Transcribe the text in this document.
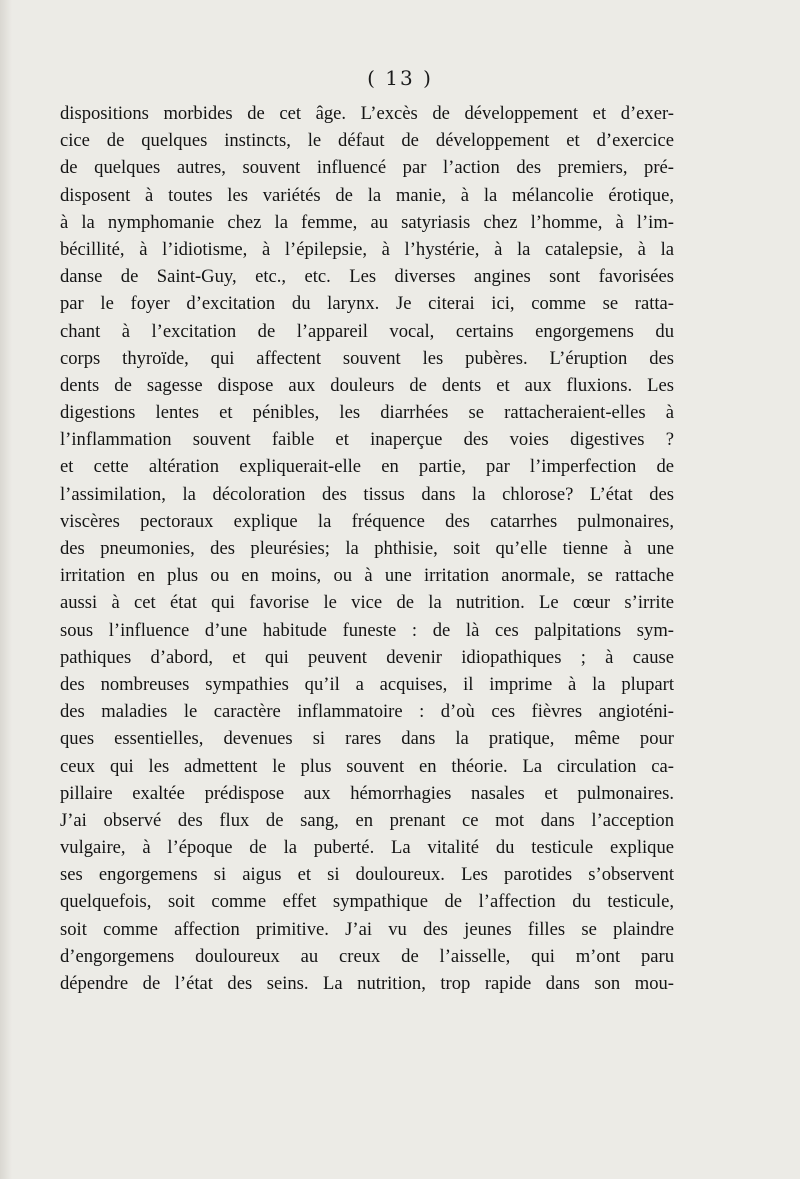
( 13 )
dispositions morbides de cet âge. L’excès de développement et d’exer-
cice de quelques instincts, le défaut de développement et d’exercice
de quelques autres, souvent influencé par l’action des premiers, pré-
disposent à toutes les variétés de la manie, à la mélancolie érotique,
à la nymphomanie chez la femme, au satyriasis chez l’homme, à l’im-
bécillité, à l’idiotisme, à l’épilepsie, à l’hystérie, à la catalepsie, à la
danse de Saint-Guy, etc., etc. Les diverses angines sont favorisées
par le foyer d’excitation du larynx. Je citerai ici, comme se ratta-
chant à l’excitation de l’appareil vocal, certains engorgemens du
corps thyroïde, qui affectent souvent les pubères. L’éruption des
dents de sagesse dispose aux douleurs de dents et aux fluxions. Les
digestions lentes et pénibles, les diarrhées se rattacheraient-elles à
l’inflammation souvent faible et inaperçue des voies digestives ?
et cette altération expliquerait-elle en partie, par l’imperfection de
l’assimilation, la décoloration des tissus dans la chlorose? L’état des
viscères pectoraux explique la fréquence des catarrhes pulmonaires,
des pneumonies, des pleurésies; la phthisie, soit qu’elle tienne à une
irritation en plus ou en moins, ou à une irritation anormale, se rattache
aussi à cet état qui favorise le vice de la nutrition. Le cœur s’irrite
sous l’influence d’une habitude funeste : de là ces palpitations sym-
pathiques d’abord, et qui peuvent devenir idiopathiques ; à cause
des nombreuses sympathies qu’il a acquises, il imprime à la plupart
des maladies le caractère inflammatoire : d’où ces fièvres angioténi-
ques essentielles, devenues si rares dans la pratique, même pour
ceux qui les admettent le plus souvent en théorie. La circulation ca-
pillaire exaltée prédispose aux hémorrhagies nasales et pulmonaires.
J’ai observé des flux de sang, en prenant ce mot dans l’acception
vulgaire, à l’époque de la puberté. La vitalité du testicule explique
ses engorgemens si aigus et si douloureux. Les parotides s’observent
quelquefois, soit comme effet sympathique de l’affection du testicule,
soit comme affection primitive. J’ai vu des jeunes filles se plaindre
d’engorgemens douloureux au creux de l’aisselle, qui m’ont paru
dépendre de l’état des seins. La nutrition, trop rapide dans son mou-
